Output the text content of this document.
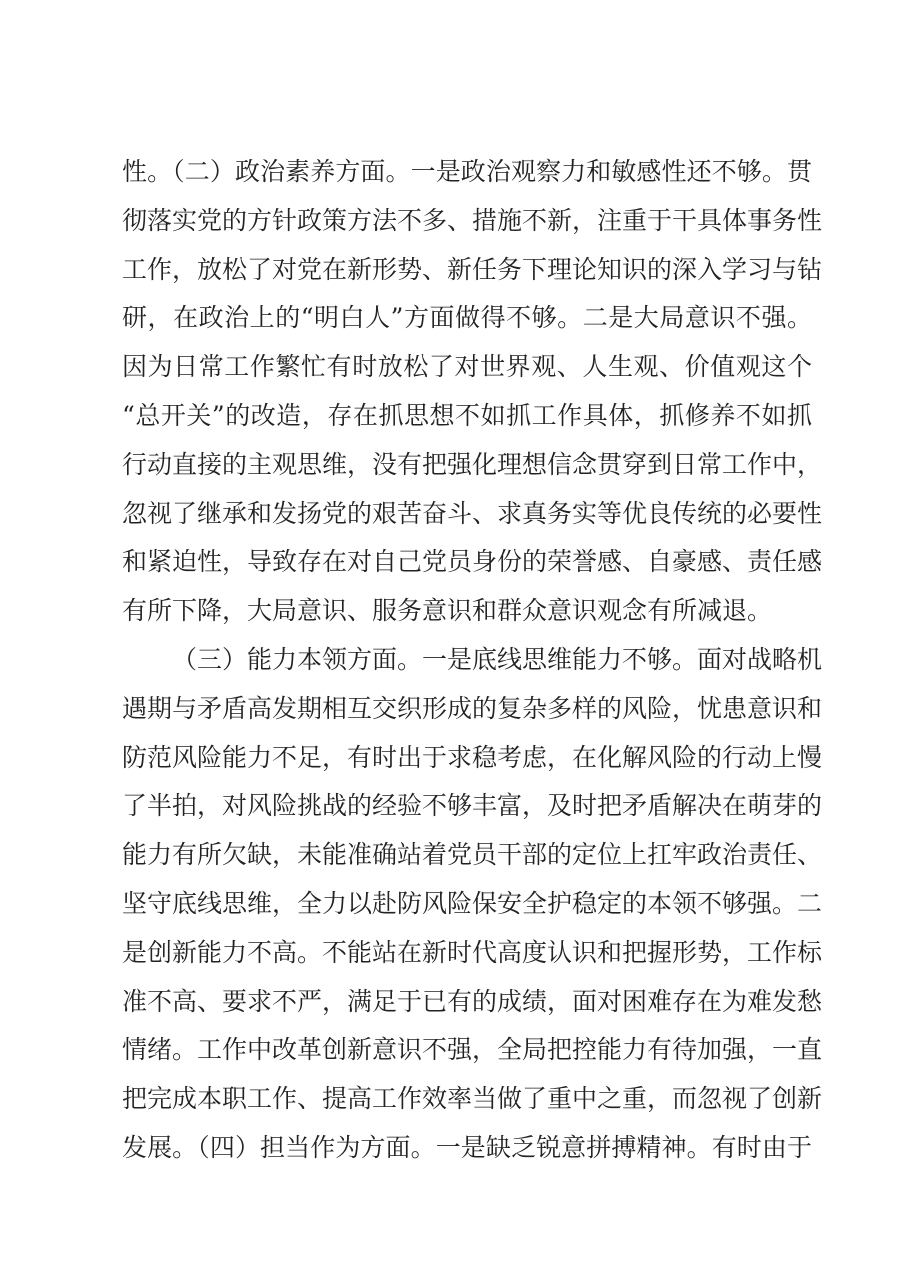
性。（二）政治素养方面。一是政治观察力和敏感性还不够。贯
彻落实党的方针政策方法不多、措施不新，注重于干具体事务性
工作，放松了对党在新形势、新任务下理论知识的深入学习与钻
研，在政治上的“明白人”方面做得不够。二是大局意识不强。
因为日常工作繁忙有时放松了对世界观、人生观、价值观这个
“总开关”的改造，存在抓思想不如抓工作具体，抓修养不如抓
行动直接的主观思维，没有把强化理想信念贯穿到日常工作中，
忽视了继承和发扬党的艰苦奋斗、求真务实等优良传统的必要性
和紧迫性，导致存在对自己党员身份的荣誉感、自豪感、责任感
有所下降，大局意识、服务意识和群众意识观念有所减退。
（三）能力本领方面。一是底线思维能力不够。面对战略机
遇期与矛盾高发期相互交织形成的复杂多样的风险，忧患意识和
防范风险能力不足，有时出于求稳考虑，在化解风险的行动上慢
了半拍，对风险挑战的经验不够丰富，及时把矛盾解决在萌芽的
能力有所欠缺，未能准确站着党员干部的定位上扛牢政治责任、
坚守底线思维，全力以赴防风险保安全护稳定的本领不够强。二
是创新能力不高。不能站在新时代高度认识和把握形势，工作标
准不高、要求不严，满足于已有的成绩，面对困难存在为难发愁
情绪。工作中改革创新意识不强，全局把控能力有待加强，一直
把完成本职工作、提高工作效率当做了重中之重，而忽视了创新
发展。（四）担当作为方面。一是缺乏锐意拼搏精神。有时由于
